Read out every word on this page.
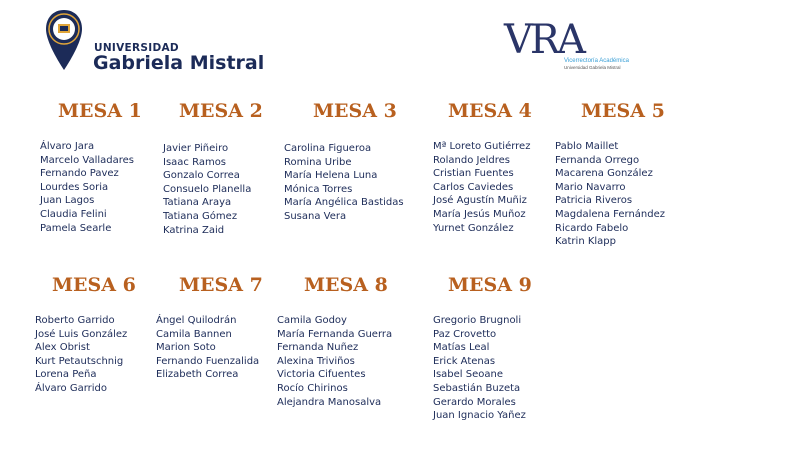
UNIVERSIDAD
Gabriela Mistral	VRA
Vicerrectoría Académica
Universidad Gabriela Mistral
MESA 1
Álvaro Jara
Marcelo Valladares
Fernando Pavez
Lourdes Soria
Juan Lagos
Claudia Felini
Pamela Searle
MESA 2
Javier Piñeiro
Isaac Ramos
Gonzalo Correa
Consuelo Planella
Tatiana Araya
Tatiana Gómez
Katrina Zaid
MESA 3
Carolina Figueroa
Romina Uribe
María Helena Luna
Mónica Torres
María Angélica Bastidas
Susana Vera
MESA 4
Mª Loreto Gutiérrez
Rolando Jeldres
Cristian Fuentes
Carlos Caviedes
José Agustín Muñiz
María Jesús Muñoz
Yurnet González
MESA 5
Pablo Maillet
Fernanda Orrego
Macarena González
Mario Navarro
Patricia Riveros
Magdalena Fernández
Ricardo Fabelo
Katrin Klapp
MESA 6
Roberto Garrido
José Luis González
Alex Obrist
Kurt Petautschnig
Lorena Peña
Álvaro Garrido
MESA 7
Ángel Quilodrán
Camila Bannen
Marion Soto
Fernando Fuenzalida
Elizabeth Correa
MESA 8
Camila Godoy
María Fernanda Guerra
Fernanda Nuñez
Alexina Triviños
Victoria Cifuentes
Rocío Chirinos
Alejandra Manosalva
MESA 9
Gregorio Brugnoli
Paz Crovetto
Matías Leal
Erick Atenas
Isabel Seoane
Sebastián Buzeta
Gerardo Morales
Juan Ignacio Yañez
